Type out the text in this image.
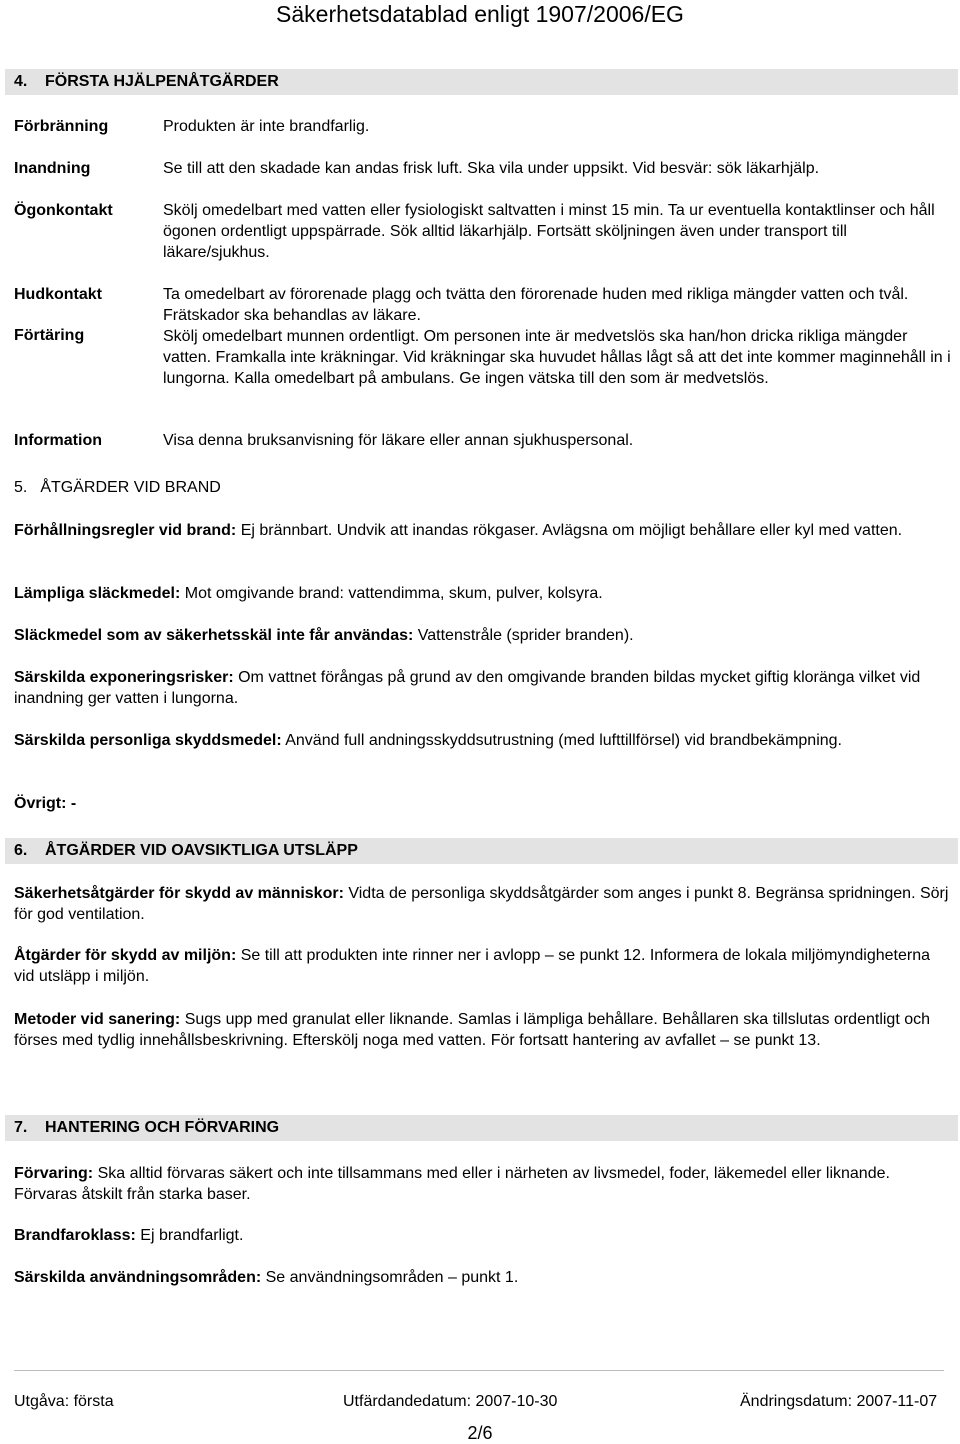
Säkerhetsdatablad enligt 1907/2006/EG
4. FÖRSTA HJÄLPENÅTGÄRDER
Förbränning	Produkten är inte brandfarlig.
Inandning	Se till att den skadade kan andas frisk luft. Ska vila under uppsikt. Vid besvär: sök läkarhjälp.
Ögonkontakt	Skölj omedelbart med vatten eller fysiologiskt saltvatten i minst 15 min. Ta ur eventuella kontaktlinser och håll ögonen ordentligt uppspärrade. Sök alltid läkarhjälp. Fortsätt sköljningen även under transport till läkare/sjukhus.
Hudkontakt	Ta omedelbart av förorenade plagg och tvätta den förorenade huden med rikliga mängder vatten och tvål. Frätskador ska behandlas av läkare.
Förtäring	Skölj omedelbart munnen ordentligt. Om personen inte är medvetslös ska han/hon dricka rikliga mängder vatten. Framkalla inte kräkningar. Vid kräkningar ska huvudet hållas lågt så att det inte kommer maginnehåll in i lungorna. Kalla omedelbart på ambulans. Ge ingen vätska till den som är medvetslös.
Information	Visa denna bruksanvisning för läkare eller annan sjukhuspersonal.
5. ÅTGÄRDER VID BRAND
Förhållningsregler vid brand: Ej brännbart. Undvik att inandas rökgaser. Avlägsna om möjligt behållare eller kyl med vatten.
Lämpliga släckmedel: Mot omgivande brand: vattendimma, skum, pulver, kolsyra.
Släckmedel som av säkerhetsskäl inte får användas: Vattenstråle (sprider branden).
Särskilda exponeringsrisker: Om vattnet förångas på grund av den omgivande branden bildas mycket giftig kloränga vilket vid inandning ger vatten i lungorna.
Särskilda personliga skyddsmedel: Använd full andningsskyddsutrustning (med lufttillförsel) vid brandbekämpning.
Övrigt: -
6. ÅTGÄRDER VID OAVSIKTLIGA UTSLÄPP
Säkerhetsåtgärder för skydd av människor: Vidta de personliga skyddsåtgärder som anges i punkt 8. Begränsa spridningen. Sörj för god ventilation.
Åtgärder för skydd av miljön: Se till att produkten inte rinner ner i avlopp – se punkt 12. Informera de lokala miljömyndigheterna vid utsläpp i miljön.
Metoder vid sanering: Sugs upp med granulat eller liknande. Samlas i lämpliga behållare. Behållaren ska tillslutas ordentligt och förses med tydlig innehållsbeskrivning. Efterskölj noga med vatten. För fortsatt hantering av avfallet – se punkt 13.
7. HANTERING OCH FÖRVARING
Förvaring: Ska alltid förvaras säkert och inte tillsammans med eller i närheten av livsmedel, foder, läkemedel eller liknande. Förvaras åtskilt från starka baser.
Brandfaroklass: Ej brandfarligt.
Särskilda användningsområden: Se användningsområden – punkt 1.
Utgåva: första	Utfärdandedatum: 2007-10-30	Ändringsdatum: 2007-11-07
2/6
